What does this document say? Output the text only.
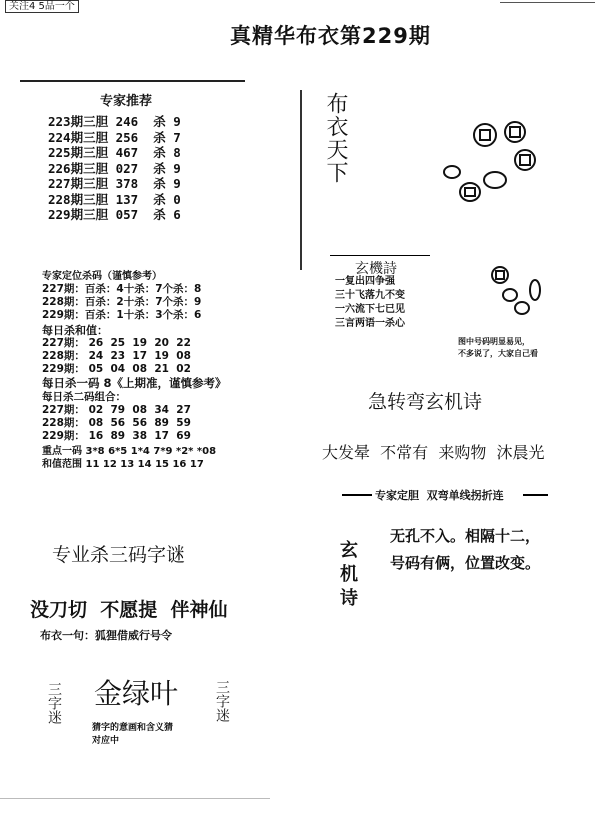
关注4 5品一个
真精华布衣第229期
专家推荐
223期三胆 246  杀 9
224期三胆 256  杀 7
225期三胆 467  杀 8
226期三胆 027  杀 9
227期三胆 378  杀 9
228期三胆 137  杀 0
229期三胆 057  杀 6
专家定位杀码（谨慎参考）
227期：百杀：4十杀：7个杀：8
228期：百杀：2十杀：7个杀：9
229期：百杀：1十杀：3个杀：6
每日杀和值：
227期： 26  25  19  20  22
228期： 24  23  17  19  08
229期： 05  04  08  21  02
每日杀一码 8《上期准，谨慎参考》
每日杀二码组合：
227期： 02  79  08  34  27
228期： 08  56  56  89  59
229期： 16  89  38  17  69
重点一码 3*8 6*5 1*4 7*9 *2* *08
和值范围 11 12 13 14 15 16 17
专业杀三码字谜
没刀切  不愿提  伴神仙
布衣一句：狐狸借威行号令
三字迷 金绿叶	三字迷
猜字的意画和含义猜
对应中
布衣天下
玄機詩
一复出四争强
三十飞落九不变
一六流下七已见
三言两语一杀心
图中号码明显易见，
不多说了，大家自己看
急转弯玄机诗
大发晕  不常有  来购物  沐晨光
专家定胆  双弯单线拐折连
玄机诗
无孔不入。相隔十二，
号码有俩，位置改变。
